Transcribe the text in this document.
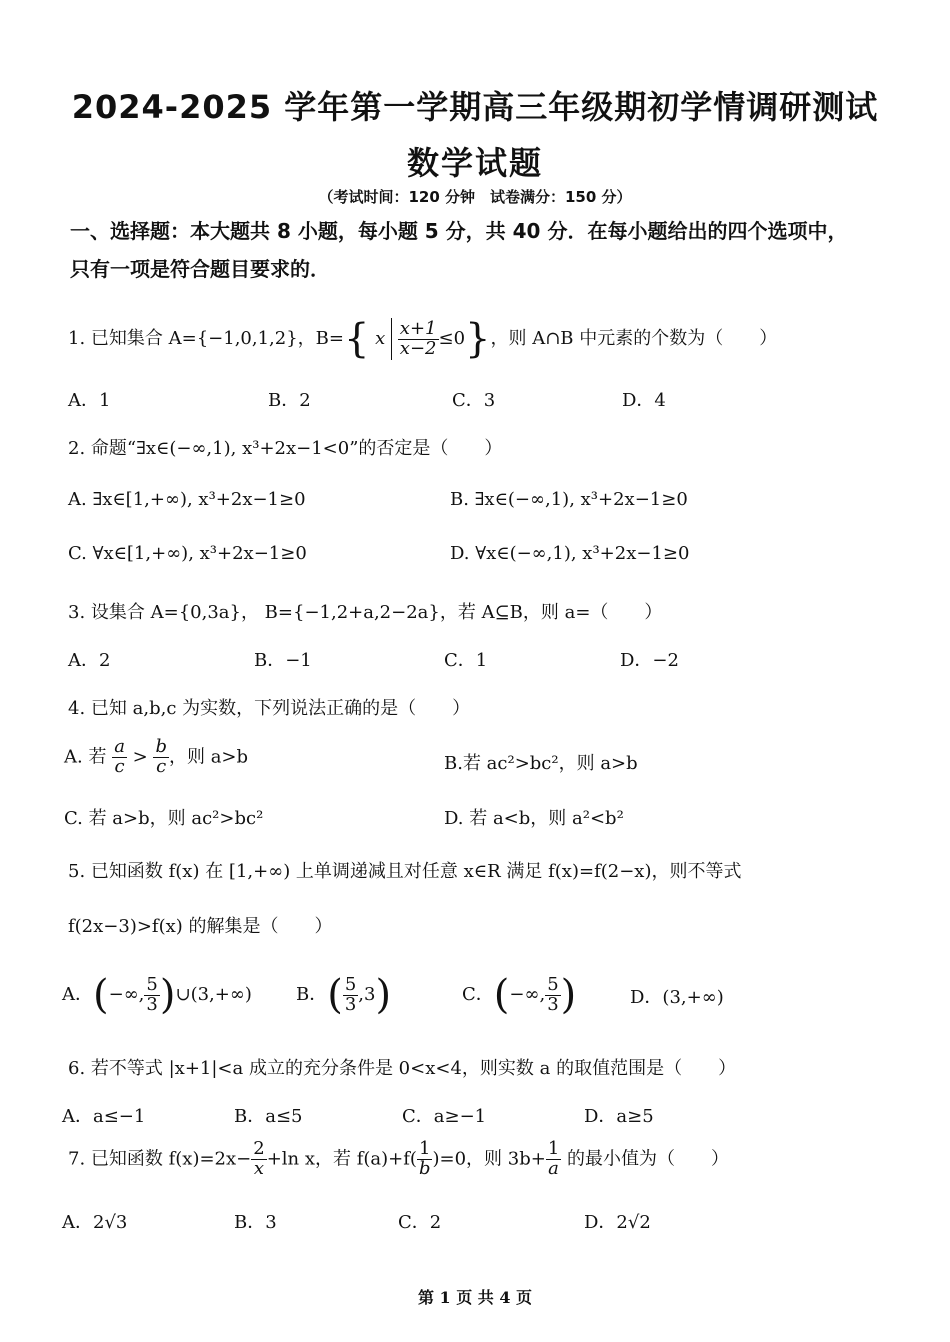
2024-2025 学年第一学期高三年级期初学情调研测试
数学试题
（考试时间：120 分钟　试卷满分：150 分）
一、选择题：本大题共 8 小题，每小题 5 分，共 40 分．在每小题给出的四个选项中，
只有一项是符合题目要求的．
1. 已知集合 A={−1,0,1,2}，B={ x $\frac{x+1}{x-2} \le 0$}，则 A∩B 中元素的个数为（　　）
A．1	B．2	C．3	D．4
2. 命题“∃x∈(−∞,1), x³+2x−1<0”的否定是（　　）
A. ∃x∈[1,+∞), x³+2x−1≥0	B. ∃x∈(−∞,1), x³+2x−1≥0
C. ∀x∈[1,+∞), x³+2x−1≥0	D. ∀x∈(−∞,1), x³+2x−1≥0
3. 设集合 A={0,3a}， B={−1,2+a,2−2a}，若 A⊆B，则 a=（　　）
A．2	B．−1	C．1	D．−2
4. 已知 a,b,c 为实数，下列说法正确的是（　　）
A. 若 $\frac{a}{c} > \frac{b}{c}$ ，则 a>b	B.若 ac²>bc²，则 a>b
C. 若 a>b，则 ac²>bc²	D. 若 a<b，则 a²<b²
5. 已知函数 f(x) 在 [1,+∞) 上单调递减且对任意 x∈R 满足 f(x)=f(2−x)，则不等式
f(2x−3)>f(x) 的解集是（　　）
A．(−∞, $\frac{5}{3}$ )∪(3,+∞) B．( $\frac{5}{3} ,3$)	C．(−∞, $\frac{5}{3}$ )	D．(3,+∞)
6. 若不等式 |x+1|<a 成立的充分条件是 0<x<4，则实数 a 的取值范围是（　　）
A．a≤−1	B．a≤5	C．a≥−1	D．a≥5
7. 已知函数 $f(x)=2x- \frac{2}{x} +\ln$ x，若 $f(a)+f( \frac{1}{b} )=0$，则 $3b+ \frac{1}{a}$ 的最小值为（　　）
A．2√3	B．3	C．2	D．2√2
第 1 页 共 4 页
